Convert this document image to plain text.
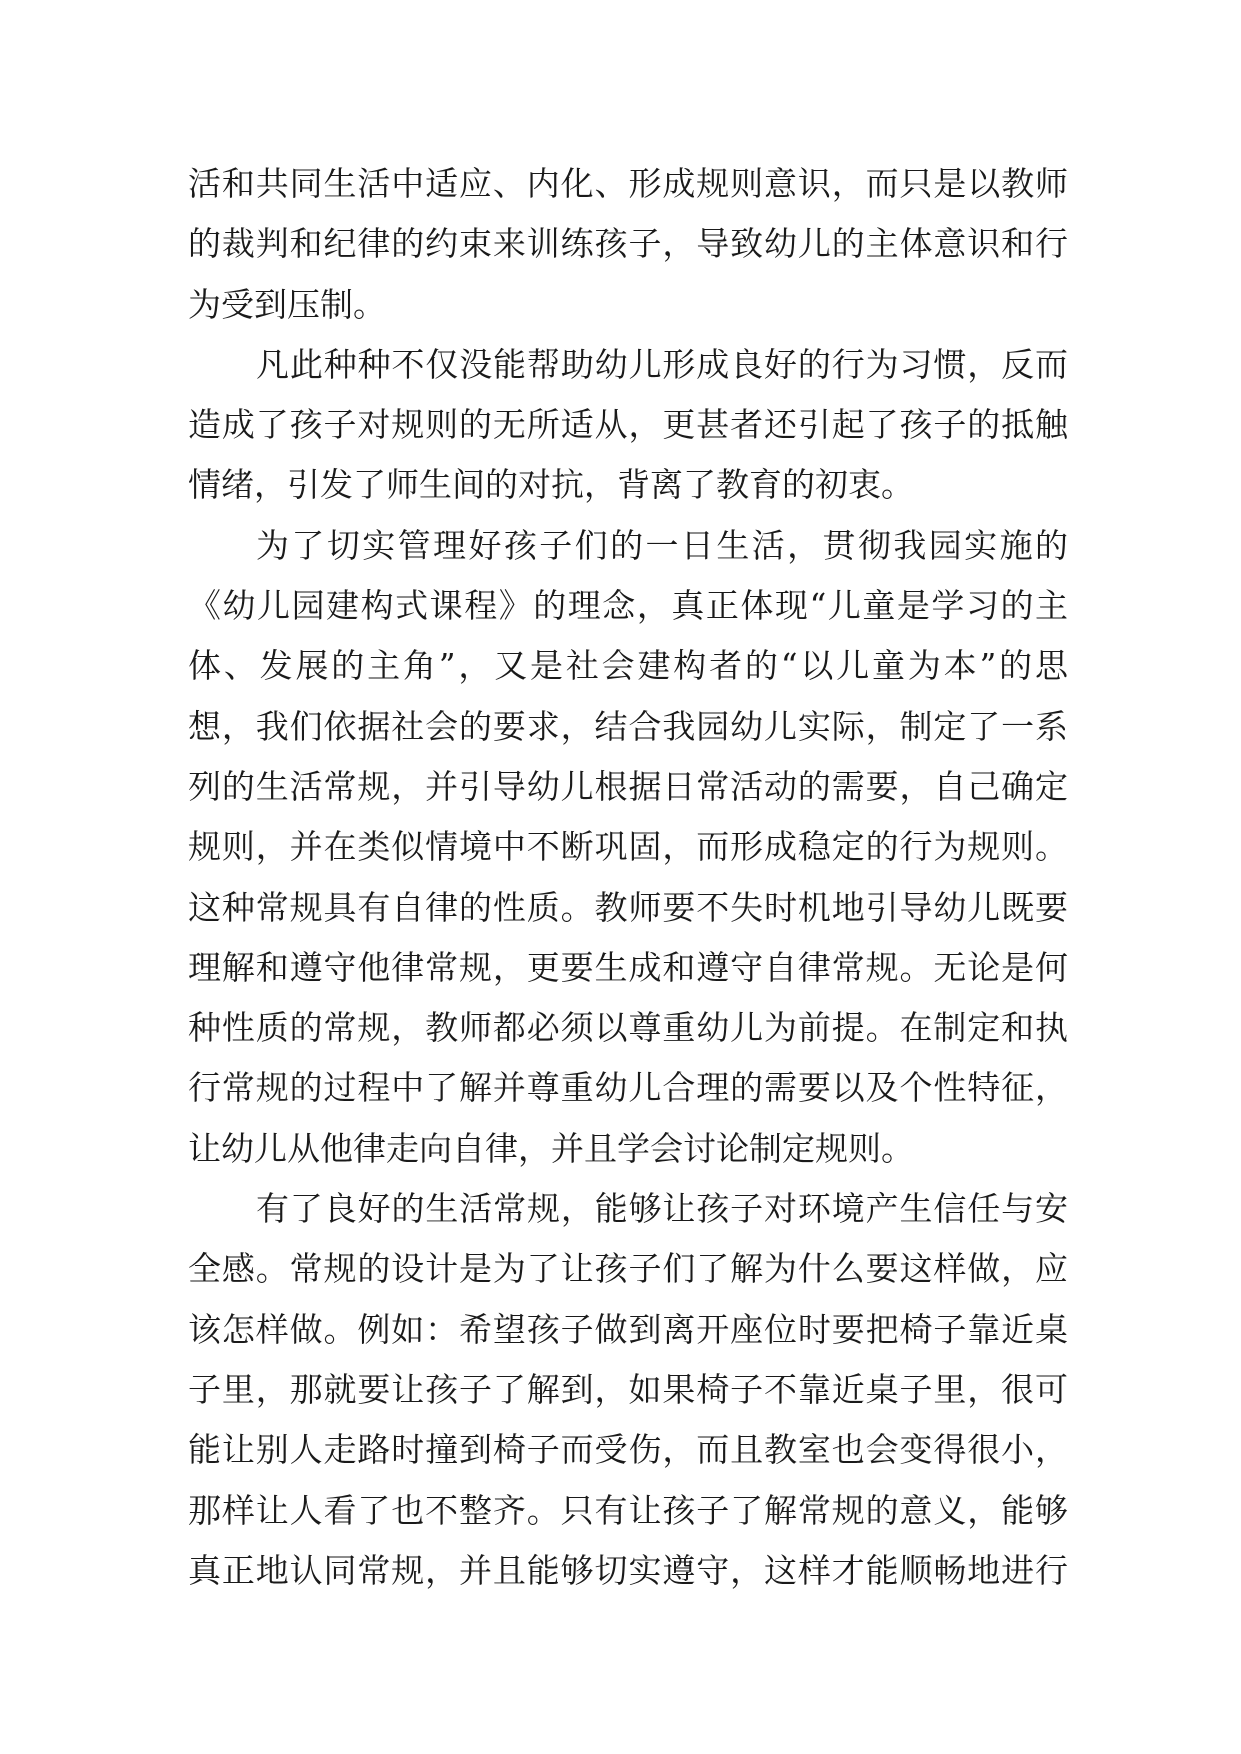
活和共同生活中适应、内化、形成规则意识，而只是以教师
的裁判和纪律的约束来训练孩子，导致幼儿的主体意识和行
为受到压制。
凡此种种不仅没能帮助幼儿形成良好的行为习惯，反而
造成了孩子对规则的无所适从，更甚者还引起了孩子的抵触
情绪，引发了师生间的对抗，背离了教育的初衷。
为了切实管理好孩子们的一日生活，贯彻我园实施的
《幼儿园建构式课程》的理念，真正体现“儿童是学习的主
体、发展的主角”，又是社会建构者的“以儿童为本”的思
想，我们依据社会的要求，结合我园幼儿实际，制定了一系
列的生活常规，并引导幼儿根据日常活动的需要，自己确定
规则，并在类似情境中不断巩固，而形成稳定的行为规则。
这种常规具有自律的性质。教师要不失时机地引导幼儿既要
理解和遵守他律常规，更要生成和遵守自律常规。无论是何
种性质的常规，教师都必须以尊重幼儿为前提。在制定和执
行常规的过程中了解并尊重幼儿合理的需要以及个性特征，
让幼儿从他律走向自律，并且学会讨论制定规则。
有了良好的生活常规，能够让孩子对环境产生信任与安
全感。常规的设计是为了让孩子们了解为什么要这样做，应
该怎样做。例如：希望孩子做到离开座位时要把椅子靠近桌
子里，那就要让孩子了解到，如果椅子不靠近桌子里，很可
能让别人走路时撞到椅子而受伤，而且教室也会变得很小，
那样让人看了也不整齐。只有让孩子了解常规的意义，能够
真正地认同常规，并且能够切实遵守，这样才能顺畅地进行
